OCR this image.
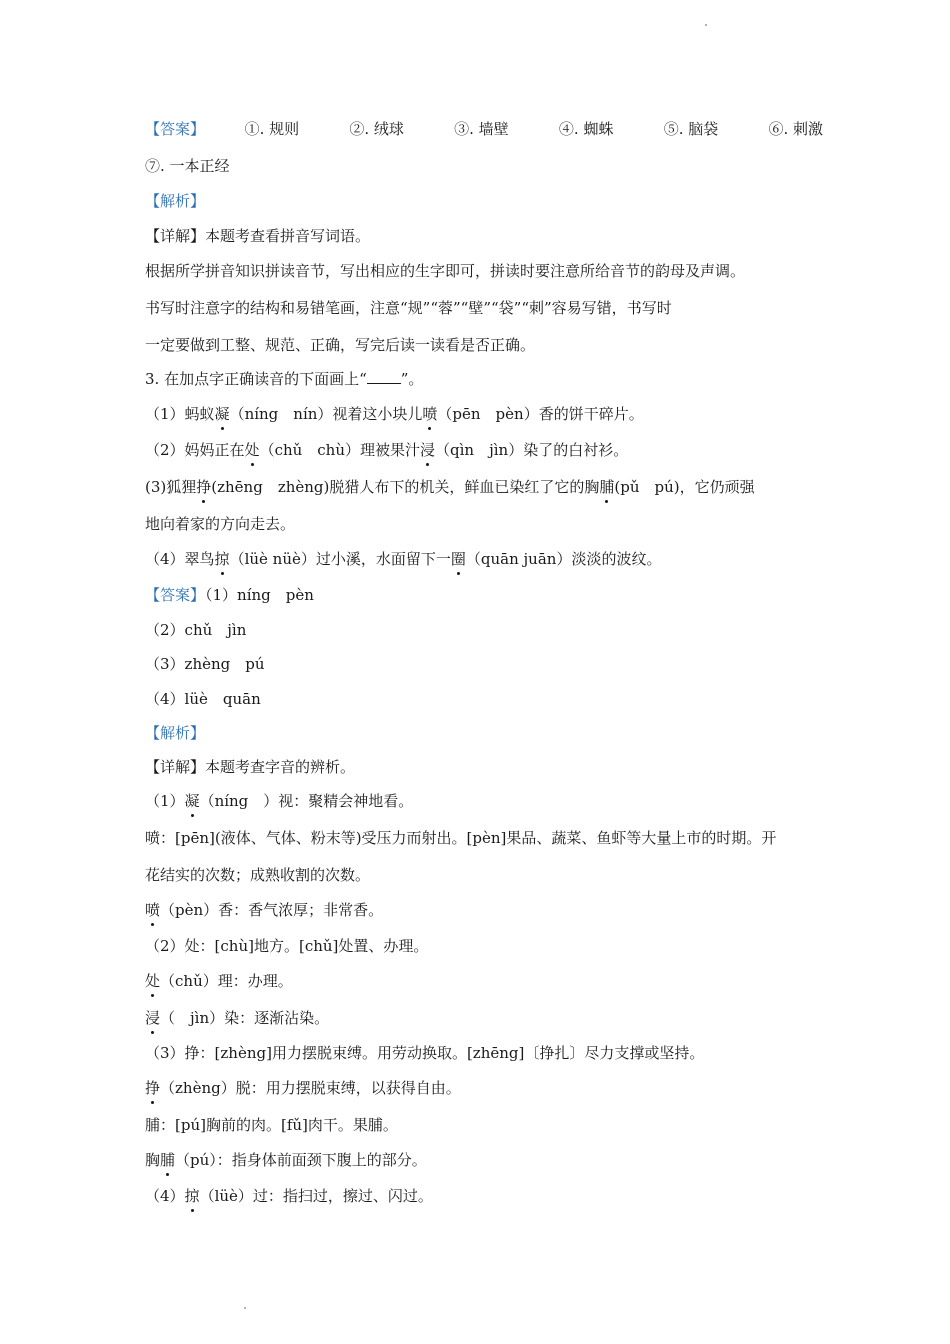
【答案】	①. 规则	②. 绒球	③. 墙壁	④. 蜘蛛	⑤. 脑袋	⑥. 刺激
⑦. 一本正经
【解析】
【详解】本题考查看拼音写词语。
根据所学拼音知识拼读音节，写出相应的生字即可，拼读时要注意所给音节的韵母及声调。
书写时注意字的结构和易错笔画，注意“规”“蓉”“壁”“袋”“刺”容易写错，书写时
一定要做到工整、规范、正确，写完后读一读看是否正确。
3. 在加点字正确读音的下面画上“ ”。
（1）蚂蚁凝（níng　nín）视着这小块儿喷（pēn　pèn）香的饼干碎片。
（2）妈妈正在处（chǔ　chù）理被果汁浸（qìn　jìn）染了的白衬衫。
(3)狐狸挣(zhēng　zhèng)脱猎人布下的机关，鲜血已染红了它的胸脯(pǔ　pú)，它仍顽强
地向着家的方向走去。
（4）翠鸟掠（lüè nüè）过小溪，水面留下一圈（quān juān）淡淡的波纹。
【答案】（1）níng　pèn
（2）chǔ　jìn
（3）zhèng　pú
（4）lüè　quān
【解析】
【详解】本题考查字音的辨析。
（1）凝（níng　）视：聚精会神地看。
喷：[pēn](液体、气体、粉末等)受压力而射出。[pèn]果品、蔬菜、鱼虾等大量上市的时期。开
花结实的次数；成熟收割的次数。
喷（pèn）香：香气浓厚；非常香。
（2）处：[chù]地方。[chǔ]处置、办理。
处（chǔ）理：办理。
浸（　jìn）染：逐渐沾染。
（3）挣：[zhèng]用力摆脱束缚。用劳动换取。[zhēng]〔挣扎〕尽力支撑或坚持。
挣（zhèng）脱：用力摆脱束缚，以获得自由。
脯：[pú]胸前的肉。[fǔ]肉干。果脯。
胸脯（pú）：指身体前面颈下腹上的部分。
（4）掠（lüè）过：指扫过，擦过、闪过。
